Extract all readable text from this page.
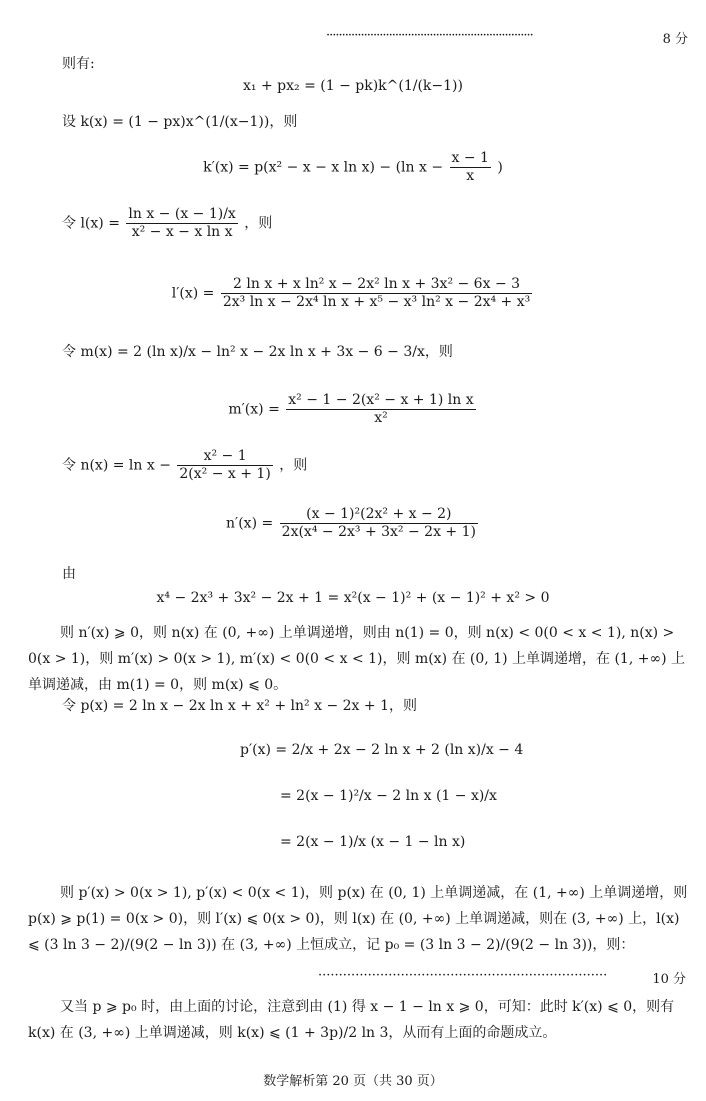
··································································	8 分
则有:
x₁ + px₂ = (1 − pk)k^(1/(k−1))
设 k(x) = (1 − px)x^(1/(x−1))，则
k′(x) = p(x² − x − x ln x) − (ln $x - \frac{x - 1}{x}$ )
令 $l(x) = \frac{\text{ln x − (x − 1)/x}}{\text{x² − x − x ln x}}$ ，则
$l'(x) = \frac{\text{2 ln x + x ln² x − 2x² ln x + 3x² − 6x − 3}}{\text{2x³ ln x − 2x⁴ ln x + x⁵ − x³ ln² x − 2x⁴ + x³}}$
令 m(x) = 2 (ln x)/x − ln² x − 2x ln x + 3x − 6 − 3/x，则
$m'(x) = \frac{\text{x² − 1 − 2(x² − x + 1) ln x}}{\text{x²}}$
令 $n(x) = \ln x - \frac{\text{x² − 1}}{\text{2(x² − x + 1)}}$ ，则
$n'(x) = \frac{\text{(x − 1)²(2x² + x − 2)}}{\text{2x(x⁴ − 2x³ + 3x² − 2x + 1)}}$
由
x⁴ − 2x³ + 3x² − 2x + 1 = x²(x − 1)² + (x − 1)² + x² > 0
则 n′(x) ⩾ 0，则 n(x) 在 (0, +∞) 上单调递增，则由 n(1) = 0，则 n(x) < 0(0 < x < 1), n(x) > 0(x > 1)，则 m′(x) > 0(x > 1), m′(x) < 0(0 < x < 1)，则 m(x) 在 (0, 1) 上单调递增，在 (1, +∞) 上单调递减，由 m(1) = 0，则 m(x) ⩽ 0。
令 p(x) = 2 ln x − 2x ln x + x² + ln² x − 2x + 1，则
p′(x) = 2/x + 2x − 2 ln x + 2 (ln x)/x − 4
= 2(x − 1)²/x − 2 ln x (1 − x)/x
= 2(x − 1)/x (x − 1 − ln x)
则 p′(x) > 0(x > 1), p′(x) < 0(x < 1)，则 p(x) 在 (0, 1) 上单调递减，在 (1, +∞) 上单调递增，则 p(x) ⩾ p(1) = 0(x > 0)，则 l′(x) ⩽ 0(x > 0)，则 l(x) 在 (0, +∞) 上单调递减，则在 (3, +∞) 上，l(x) ⩽ (3 ln 3 − 2)/(9(2 − ln 3)) 在 (3, +∞) 上恒成立，记 p₀ = (3 ln 3 − 2)/(9(2 − ln 3))，则：
······································································	10 分
又当 p ⩾ p₀ 时，由上面的讨论，注意到由 (1) 得 x − 1 − ln x ⩾ 0，可知：此时 k′(x) ⩽ 0，则有 k(x) 在 (3, +∞) 上单调递减，则 k(x) ⩽ (1 + 3p)/2 ln 3，从而有上面的命题成立。
数学解析第 20 页（共 30 页）
